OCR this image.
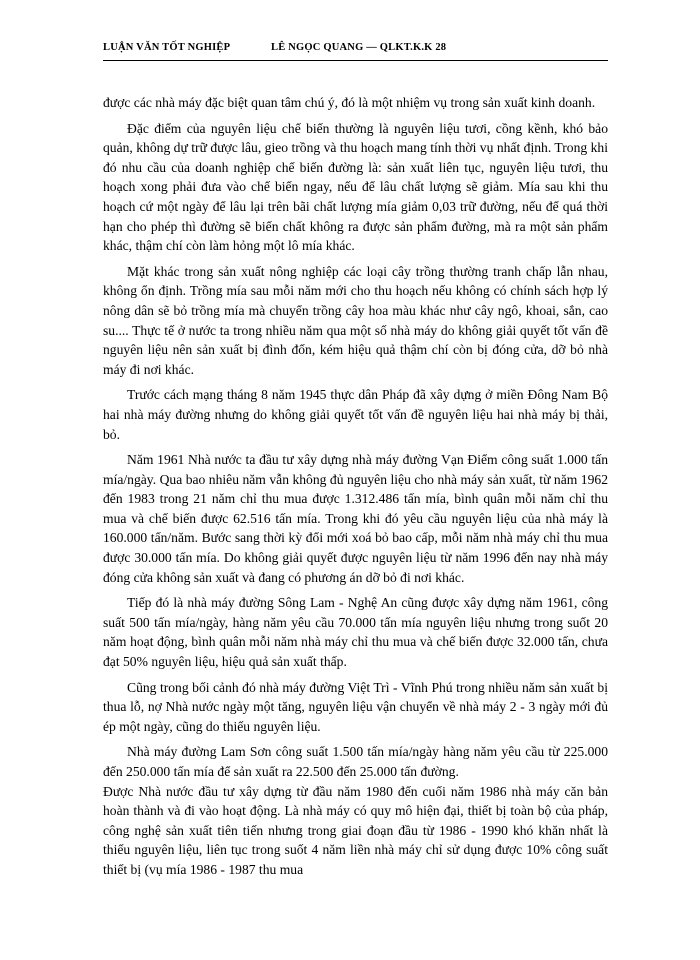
LUẬN VĂN TỐT NGHIỆP	LÊ NGỌC QUANG — QLKT.K.K 28

được các nhà máy đặc biệt quan tâm chú ý, đó là một nhiệm vụ trong sản xuất kinh doanh.

Đặc điểm của nguyên liệu chế biến thường là nguyên liệu tươi, cồng kềnh, khó bảo quản, không dự trữ được lâu, gieo trồng và thu hoạch mang tính thời vụ nhất định. Trong khi đó nhu cầu của doanh nghiệp chế biến đường là: sản xuất liên tục, nguyên liệu tươi, thu hoạch xong phải đưa vào chế biến ngay, nếu để lâu chất lượng sẽ giảm. Mía sau khi thu hoạch cứ một ngày để lâu lại trên bãi chất lượng mía giảm 0,03 trữ đường, nếu để quá thời hạn cho phép thì đường sẽ biến chất không ra được sản phẩm đường, mà ra một sản phẩm khác, thậm chí còn làm hỏng một lô mía khác.

Mặt khác trong sản xuất nông nghiệp các loại cây trồng thường tranh chấp lẫn nhau, không ổn định. Trồng mía sau mỗi năm mới cho thu hoạch nếu không có chính sách hợp lý nông dân sẽ bỏ trồng mía mà chuyển trồng cây hoa màu khác như cây ngô, khoai, sắn, cao su.... Thực tế ở nước ta trong nhiều năm qua một số nhà máy do không giải quyết tốt vấn đề nguyên liệu nên sản xuất bị đình đốn, kém hiệu quả thậm chí còn bị đóng cửa, dỡ bỏ nhà máy đi nơi khác.

Trước cách mạng tháng 8 năm 1945 thực dân Pháp đã xây dựng ở miền Đông Nam Bộ hai nhà máy đường nhưng do không giải quyết tốt vấn đề nguyên liệu hai nhà máy bị thải, bỏ.

Năm 1961 Nhà nước ta đầu tư xây dựng nhà máy đường Vạn Điểm công suất 1.000 tấn mía/ngày. Qua bao nhiêu năm vẫn không đủ nguyên liệu cho nhà máy sản xuất, từ năm 1962 đến 1983 trong 21 năm chỉ thu mua được 1.312.486 tấn mía, bình quân mỗi năm chỉ thu mua và chế biến được 62.516 tấn mía. Trong khi đó yêu cầu nguyên liệu của nhà máy là 160.000 tấn/năm. Bước sang thời kỳ đổi mới xoá bỏ bao cấp, mỗi năm nhà máy chỉ thu mua được 30.000 tấn mía. Do không giải quyết được nguyên liệu từ năm 1996 đến nay nhà máy đóng cửa không sản xuất và đang có phương án dỡ bỏ đi nơi khác.

Tiếp đó là nhà máy đường Sông Lam - Nghệ An cũng được xây dựng năm 1961, công suất 500 tấn mía/ngày, hàng năm yêu cầu 70.000 tấn mía nguyên liệu nhưng trong suốt 20 năm hoạt động, bình quân mỗi năm nhà máy chỉ thu mua và chế biến được 32.000 tấn, chưa đạt 50% nguyên liệu, hiệu quả sản xuất thấp.

Cũng trong bối cảnh đó nhà máy đường Việt Trì - Vĩnh Phú trong nhiều năm sản xuất bị thua lỗ, nợ Nhà nước ngày một tăng, nguyên liệu vận chuyển về nhà máy 2 - 3 ngày mới đủ ép một ngày, cũng do thiếu nguyên liệu.

Nhà máy đường Lam Sơn công suất 1.500 tấn mía/ngày hàng năm yêu cầu từ 225.000 đến 250.000 tấn mía để sản xuất ra 22.500 đến 25.000 tấn đường.

Được Nhà nước đầu tư xây dựng từ đầu năm 1980 đến cuối năm 1986 nhà máy căn bản hoàn thành và đi vào hoạt động. Là nhà máy có quy mô hiện đại, thiết bị toàn bộ của pháp, công nghệ sản xuất tiên tiến nhưng trong giai đoạn đầu từ 1986 - 1990 khó khăn nhất là thiếu nguyên liệu, liên tục trong suốt 4 năm liền nhà máy chỉ sử dụng được 10% công suất thiết bị (vụ mía 1986 - 1987 thu mua
